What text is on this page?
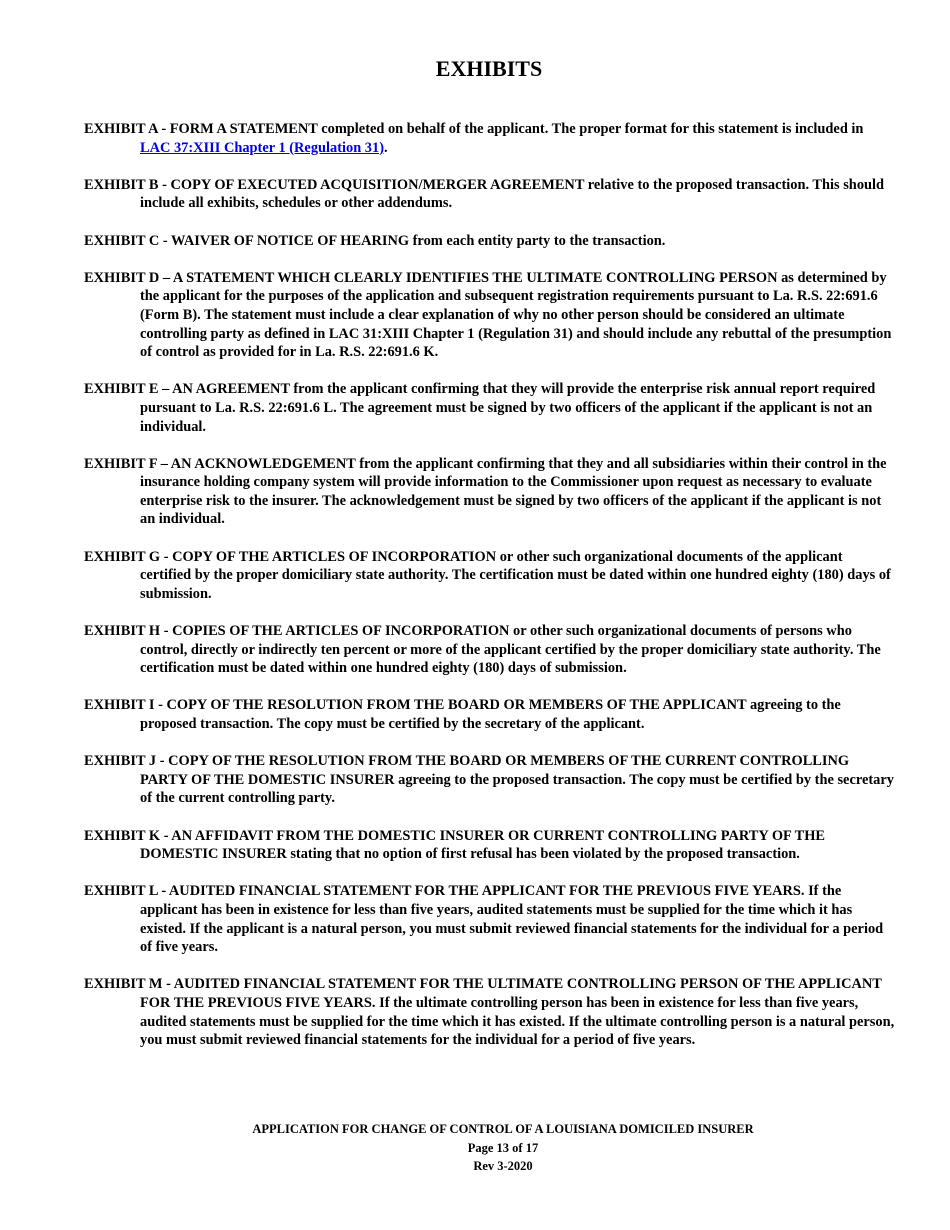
EXHIBITS
EXHIBIT A - FORM A STATEMENT completed on behalf of the applicant. The proper format for this statement is included in LAC 37:XIII Chapter 1 (Regulation 31).
EXHIBIT B - COPY OF EXECUTED ACQUISITION/MERGER AGREEMENT relative to the proposed transaction. This should include all exhibits, schedules or other addendums.
EXHIBIT C - WAIVER OF NOTICE OF HEARING from each entity party to the transaction.
EXHIBIT D – A STATEMENT WHICH CLEARLY IDENTIFIES THE ULTIMATE CONTROLLING PERSON as determined by the applicant for the purposes of the application and subsequent registration requirements pursuant to La. R.S. 22:691.6 (Form B). The statement must include a clear explanation of why no other person should be considered an ultimate controlling party as defined in LAC 31:XIII Chapter 1 (Regulation 31) and should include any rebuttal of the presumption of control as provided for in La. R.S. 22:691.6 K.
EXHIBIT E – AN AGREEMENT from the applicant confirming that they will provide the enterprise risk annual report required pursuant to La. R.S. 22:691.6 L. The agreement must be signed by two officers of the applicant if the applicant is not an individual.
EXHIBIT F – AN ACKNOWLEDGEMENT from the applicant confirming that they and all subsidiaries within their control in the insurance holding company system will provide information to the Commissioner upon request as necessary to evaluate enterprise risk to the insurer. The acknowledgement must be signed by two officers of the applicant if the applicant is not an individual.
EXHIBIT G - COPY OF THE ARTICLES OF INCORPORATION or other such organizational documents of the applicant certified by the proper domiciliary state authority. The certification must be dated within one hundred eighty (180) days of submission.
EXHIBIT H - COPIES OF THE ARTICLES OF INCORPORATION or other such organizational documents of persons who control, directly or indirectly ten percent or more of the applicant certified by the proper domiciliary state authority. The certification must be dated within one hundred eighty (180) days of submission.
EXHIBIT I - COPY OF THE RESOLUTION FROM THE BOARD OR MEMBERS OF THE APPLICANT agreeing to the proposed transaction. The copy must be certified by the secretary of the applicant.
EXHIBIT J - COPY OF THE RESOLUTION FROM THE BOARD OR MEMBERS OF THE CURRENT CONTROLLING PARTY OF THE DOMESTIC INSURER agreeing to the proposed transaction. The copy must be certified by the secretary of the current controlling party.
EXHIBIT K - AN AFFIDAVIT FROM THE DOMESTIC INSURER OR CURRENT CONTROLLING PARTY OF THE DOMESTIC INSURER stating that no option of first refusal has been violated by the proposed transaction.
EXHIBIT L - AUDITED FINANCIAL STATEMENT FOR THE APPLICANT FOR THE PREVIOUS FIVE YEARS. If the applicant has been in existence for less than five years, audited statements must be supplied for the time which it has existed. If the applicant is a natural person, you must submit reviewed financial statements for the individual for a period of five years.
EXHIBIT M - AUDITED FINANCIAL STATEMENT FOR THE ULTIMATE CONTROLLING PERSON OF THE APPLICANT FOR THE PREVIOUS FIVE YEARS. If the ultimate controlling person has been in existence for less than five years, audited statements must be supplied for the time which it has existed. If the ultimate controlling person is a natural person, you must submit reviewed financial statements for the individual for a period of five years.
APPLICATION FOR CHANGE OF CONTROL OF A LOUISIANA DOMICILED INSURER
Page 13 of 17
Rev 3-2020
